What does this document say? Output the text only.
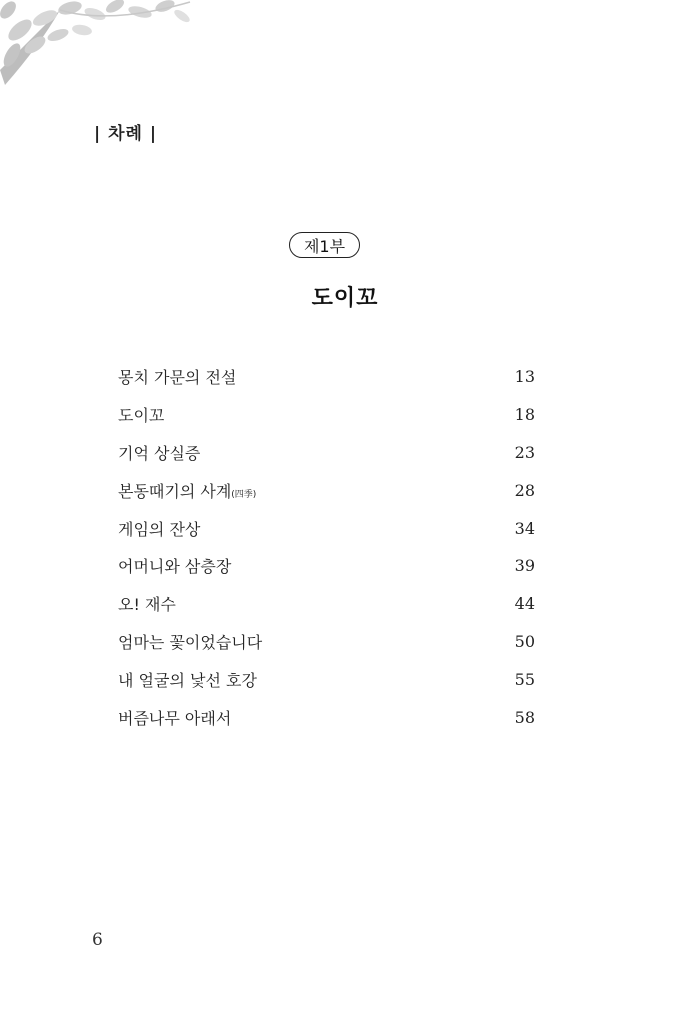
| 차례 |
제1부
도이꼬
몽치 가문의 전설	13
도이꼬	18
기억 상실증	23
본동때기의 사계(四季)	28
게임의 잔상	34
어머니와 삼층장	39
오! 재수	44
엄마는 꽃이었습니다	50
내 얼굴의 낯선 호강	55
버즘나무 아래서	58
6
